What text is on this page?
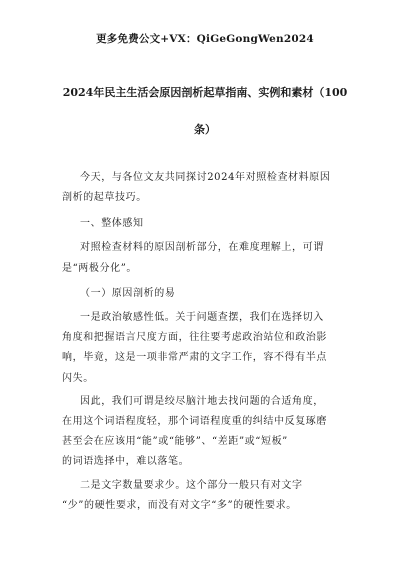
更多免费公文+VX：QiGeGongWen2024
2024年民主生活会原因剖析起草指南、实例和素材（100
条）
今天，与各位文友共同探讨2024年对照检查材料原因
剖析的起草技巧。
一、整体感知
对照检查材料的原因剖析部分，在难度理解上，可谓
是“两极分化”。
（一）原因剖析的易
一是政治敏感性低。关于问题查摆，我们在选择切入
角度和把握语言尺度方面，往往要考虑政治站位和政治影
响，毕竟，这是一项非常严肃的文字工作，容不得有半点
闪失。
因此，我们可谓是绞尽脑汁地去找问题的合适角度，
在用这个词语程度轻，那个词语程度重的纠结中反复琢磨
甚至会在应该用“能”或“能够”、“差距”或“短板”
的词语选择中，难以落笔。
二是文字数量要求少。这个部分一般只有对文字
“少”的硬性要求，而没有对文字“多”的硬性要求。
